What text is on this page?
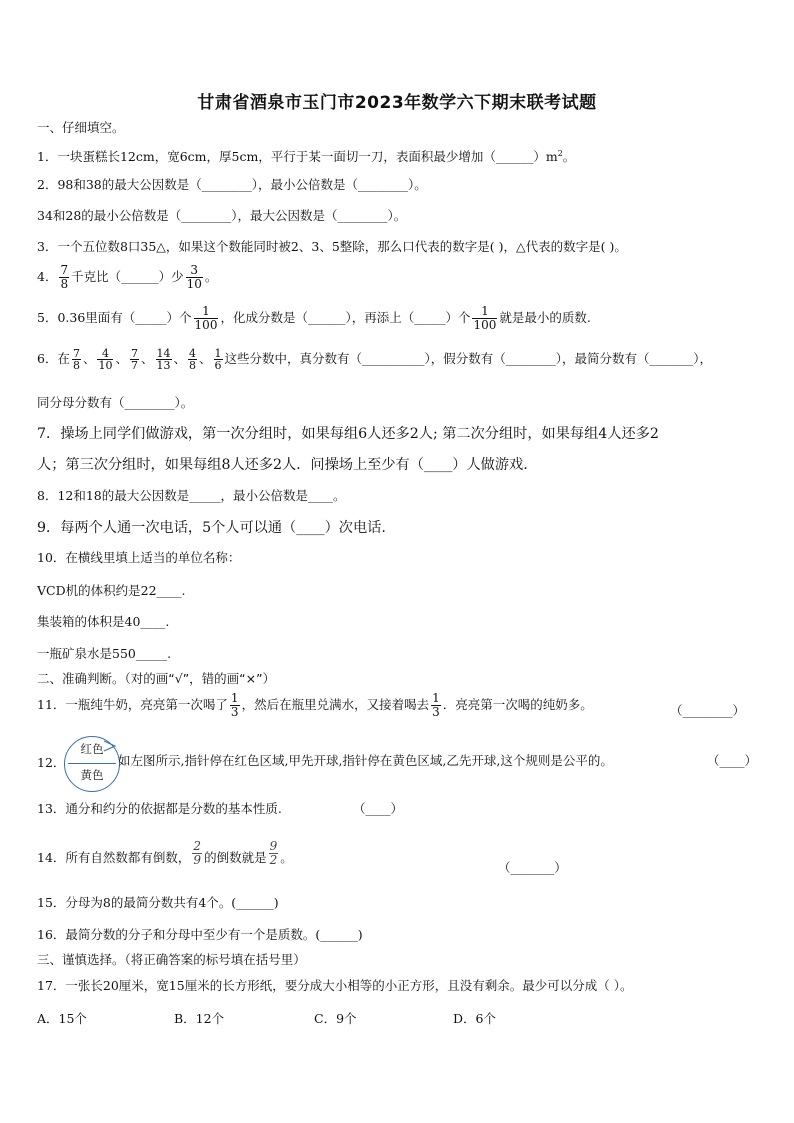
甘肃省酒泉市玉门市2023年数学六下期末联考试题
一、仔细填空。
1．一块蛋糕长12cm，宽6cm，厚5cm，平行于某一面切一刀，表面积最少增加$(\_\_\_\_\_\_)m^2$。
2．98和38的最大公因数是（________），最小公倍数是（________）。
34和28的最小公倍数是（________），最大公因数是（________）。
3．一个五位数8口35△，如果这个数能同时被2、3、5整除，那么口代表的数字是( )，△代表的数字是( )。
4． $\frac{7}{8}$ 千克比（______）少 $\frac{3}{10}$ 。
5．0.36里面有（_____）个 $\frac{1}{100}$ ，化成分数是（______），再添上（_____）个 $\frac{1}{100}$ 就是最小的质数.
6．在 $\frac{7}{8}$ 、 $\frac{4}{10}$ 、 $\frac{7}{7}$ 、 $\frac{14}{13}$ 、 $\frac{4}{8}$ 、 $\frac{1}{6}$ 这些分数中，真分数有（__________），假分数有（________），最简分数有（_______），
同分母分数有（________）。
7．操场上同学们做游戏，第一次分组时，如果每组6人还多2人; 第二次分组时，如果每组4人还多2
人；第三次分组时，如果每组8人还多2人．问操场上至少有（____）人做游戏.
8．12和18的最大公因数是_____，最小公倍数是____。
9．每两个人通一次电话，5个人可以通（____）次电话.
10．在横线里填上适当的单位名称：
VCD机的体积约是22____.
集装箱的体积是40____.
一瓶矿泉水是550_____.
二、准确判断。（对的画“√”，错的画“×”）
11．一瓶纯牛奶，亮亮第一次喝了 $\frac{1}{3}$ ，然后在瓶里兑满水，又接着喝去 $\frac{1}{3}$ ．亮亮第一次喝的纯奶多。	（________）
12．
红色
黄色
如左图所示,指针停在红色区域,甲先开球,指针停在黄色区域,乙先开球,这个规则是公平的。	（____）
13．通分和约分的依据都是分数的基本性质.	（____）
14．所有自然数都有倒数， $\frac{2}{9}$ 的倒数就是 $\frac{9}{2}$ 。
（_______）
15．分母为8的最简分数共有4个。(______)
16．最简分数的分子和分母中至少有一个是质数。(______)
三、谨慎选择。（将正确答案的标号填在括号里）
17．一张长20厘米，宽15厘米的长方形纸，要分成大小相等的小正方形，且没有剩余。最少可以分成（ ）。
A．15个	B．12个	C．9个	D．6个
